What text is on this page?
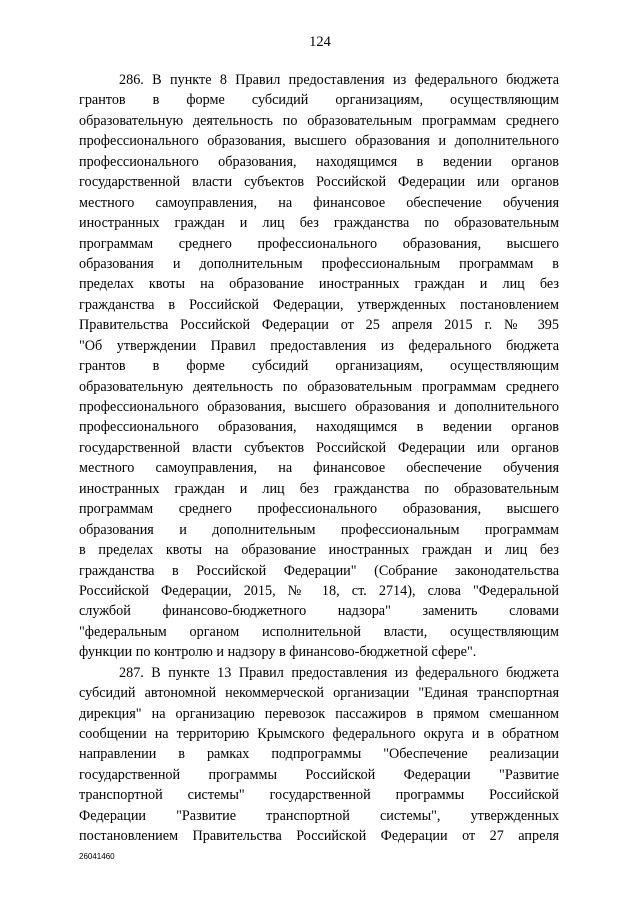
124
286. В пункте 8 Правил предоставления из федерального бюджета
грантов в форме субсидий организациям, осуществляющим
образовательную деятельность по образовательным программам среднего
профессионального образования, высшего образования и дополнительного
профессионального образования, находящимся в ведении органов
государственной власти субъектов Российской Федерации или органов
местного самоуправления, на финансовое обеспечение обучения
иностранных граждан и лиц без гражданства по образовательным
программам среднего профессионального образования, высшего
образования и дополнительным профессиональным программам в
пределах квоты на образование иностранных граждан и лиц без
гражданства в Российской Федерации, утвержденных постановлением
Правительства Российской Федерации от 25 апреля 2015 г. № 395
"Об утверждении Правил предоставления из федерального бюджета
грантов в форме субсидий организациям, осуществляющим
образовательную деятельность по образовательным программам среднего
профессионального образования, высшего образования и дополнительного
профессионального образования, находящимся в ведении органов
государственной власти субъектов Российской Федерации или органов
местного самоуправления, на финансовое обеспечение обучения
иностранных граждан и лиц без гражданства по образовательным
программам среднего профессионального образования, высшего
образования и дополнительным профессиональным программам
в пределах квоты на образование иностранных граждан и лиц без
гражданства в Российской Федерации" (Собрание законодательства
Российской Федерации, 2015, № 18, ст. 2714), слова "Федеральной
службой финансово-бюджетного надзора" заменить словами
"федеральным органом исполнительной власти, осуществляющим
функции по контролю и надзору в финансово-бюджетной сфере".
287. В пункте 13 Правил предоставления из федерального бюджета
субсидий автономной некоммерческой организации "Единая транспортная
дирекция" на организацию перевозок пассажиров в прямом смешанном
сообщении на территорию Крымского федерального округа и в обратном
направлении в рамках подпрограммы "Обеспечение реализации
государственной программы Российской Федерации "Развитие
транспортной системы" государственной программы Российской
Федерации "Развитие транспортной системы", утвержденных
постановлением Правительства Российской Федерации от 27 апреля
26041460
